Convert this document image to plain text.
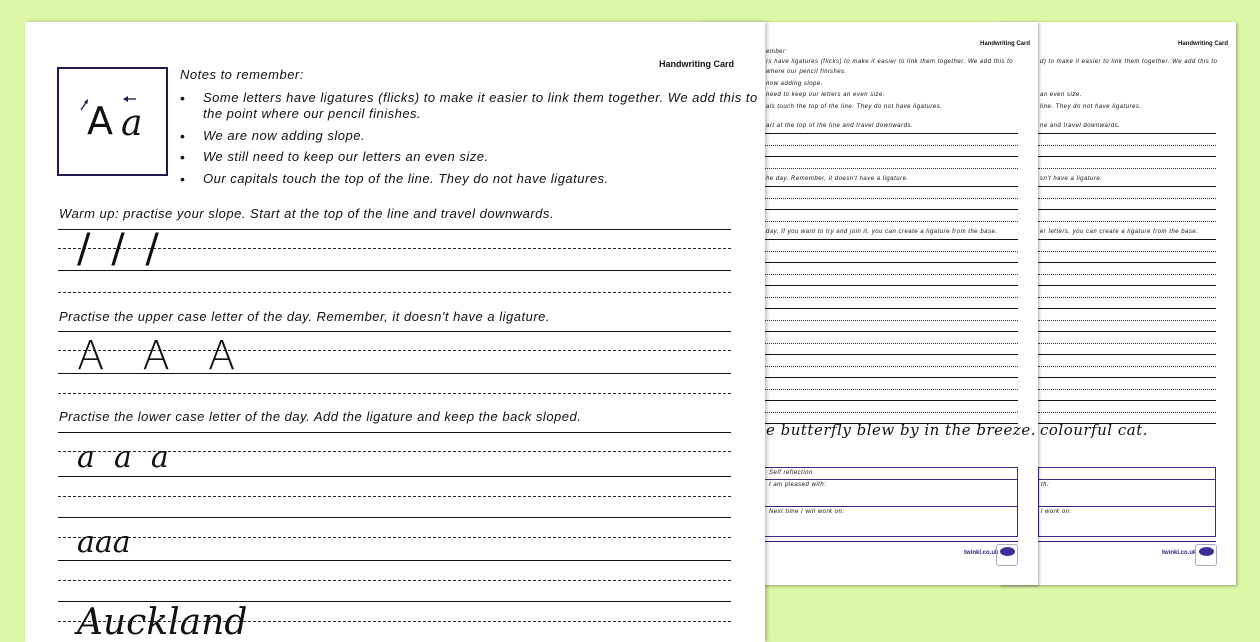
Handwriting Card
d) to make it easier to link them together. We add this to
an even size.
line. They do not have ligatures.
ne and travel downwards.
sn't have a ligature.
er letters, you can create a ligature from the base.
colourful cat.
th:
l work on:
twinkl.co.uk
Handwriting Card
ember:
rs have ligatures (flicks) to make it easier to link them together. We add this to
where our pencil finishes.
now adding slope.
need to keep our letters an even size.
als touch the top of the line. They do not have ligatures.
art at the top of the line and travel downwards.
he day. Remember, it doesn't have a ligature.
day. If you want to try and join it, you can create a ligature from the base.
e butterfly blew by in the breeze.
Self reflection
I am pleased with:
Next time I will work on:
twinkl.co.uk
Handwriting Card
A a
Notes to remember:
• Some letters have ligatures (flicks) to make it easier to link them together. We add this to
the point where our pencil finishes.
• We are now adding slope.
• We still need to keep our letters an even size.
• Our capitals touch the top of the line. They do not have ligatures.
Warm up: practise your slope. Start at the top of the line and travel downwards.
/ / /
Practise the upper case letter of the day. Remember, it doesn't have a ligature.
A   A   A
Practise the lower case letter of the day. Add the ligature and keep the back sloped.
a  a  a
aaa
Auckland
